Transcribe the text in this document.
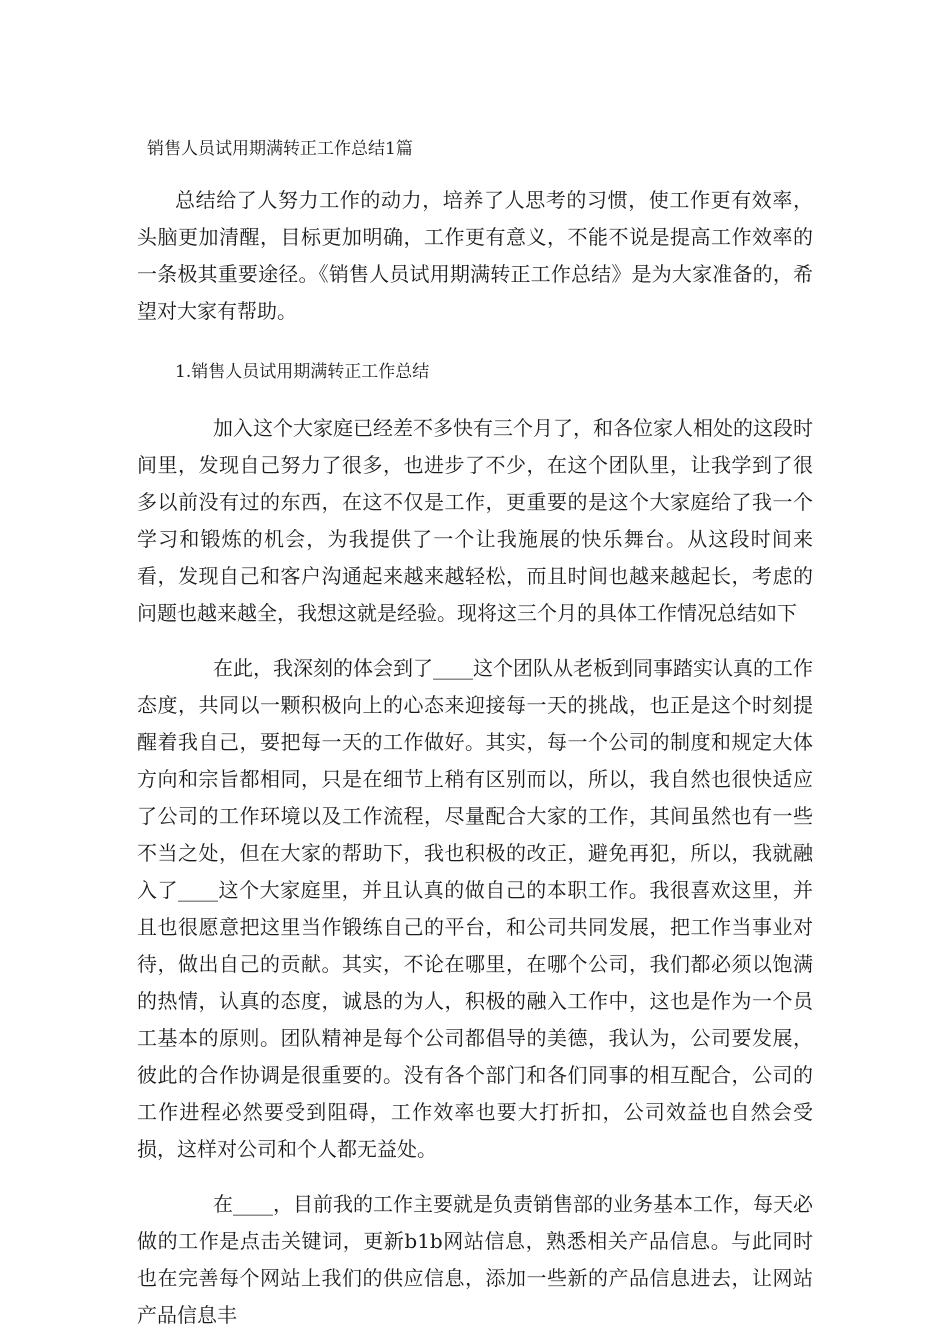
销售人员试用期满转正工作总结1篇

总结给了人努力工作的动力，培养了人思考的习惯，使工作更有效率，头脑更加清醒，目标更加明确，工作更有意义，不能不说是提高工作效率的一条极其重要途径。《销售人员试用期满转正工作总结》是为大家准备的，希望对大家有帮助。

1.销售人员试用期满转正工作总结

加入这个大家庭已经差不多快有三个月了，和各位家人相处的这段时间里，发现自己努力了很多，也进步了不少，在这个团队里，让我学到了很多以前没有过的东西，在这不仅是工作，更重要的是这个大家庭给了我一个学习和锻炼的机会，为我提供了一个让我施展的快乐舞台。从这段时间来看，发现自己和客户沟通起来越来越轻松，而且时间也越来越起长，考虑的问题也越来越全，我想这就是经验。现将这三个月的具体工作情况总结如下

在此，我深刻的体会到了____这个团队从老板到同事踏实认真的工作态度，共同以一颗积极向上的心态来迎接每一天的挑战，也正是这个时刻提醒着我自己，要把每一天的工作做好。其实，每一个公司的制度和规定大体方向和宗旨都相同，只是在细节上稍有区别而以，所以，我自然也很快适应了公司的工作环境以及工作流程，尽量配合大家的工作，其间虽然也有一些不当之处，但在大家的帮助下，我也积极的改正，避免再犯，所以，我就融入了____这个大家庭里，并且认真的做自己的本职工作。我很喜欢这里，并且也很愿意把这里当作锻练自己的平台，和公司共同发展，把工作当事业对待，做出自己的贡献。其实，不论在哪里，在哪个公司，我们都必须以饱满的热情，认真的态度，诚恳的为人，积极的融入工作中，这也是作为一个员工基本的原则。团队精神是每个公司都倡导的美德，我认为，公司要发展，彼此的合作协调是很重要的。没有各个部门和各们同事的相互配合，公司的工作进程必然要受到阻碍，工作效率也要大打折扣，公司效益也自然会受损，这样对公司和个人都无益处。

在____，目前我的工作主要就是负责销售部的业务基本工作，每天必做的工作是点击关键词，更新b1b网站信息，熟悉相关产品信息。与此同时也在完善每个网站上我们的供应信息，添加一些新的产品信息进去，让网站产品信息丰
